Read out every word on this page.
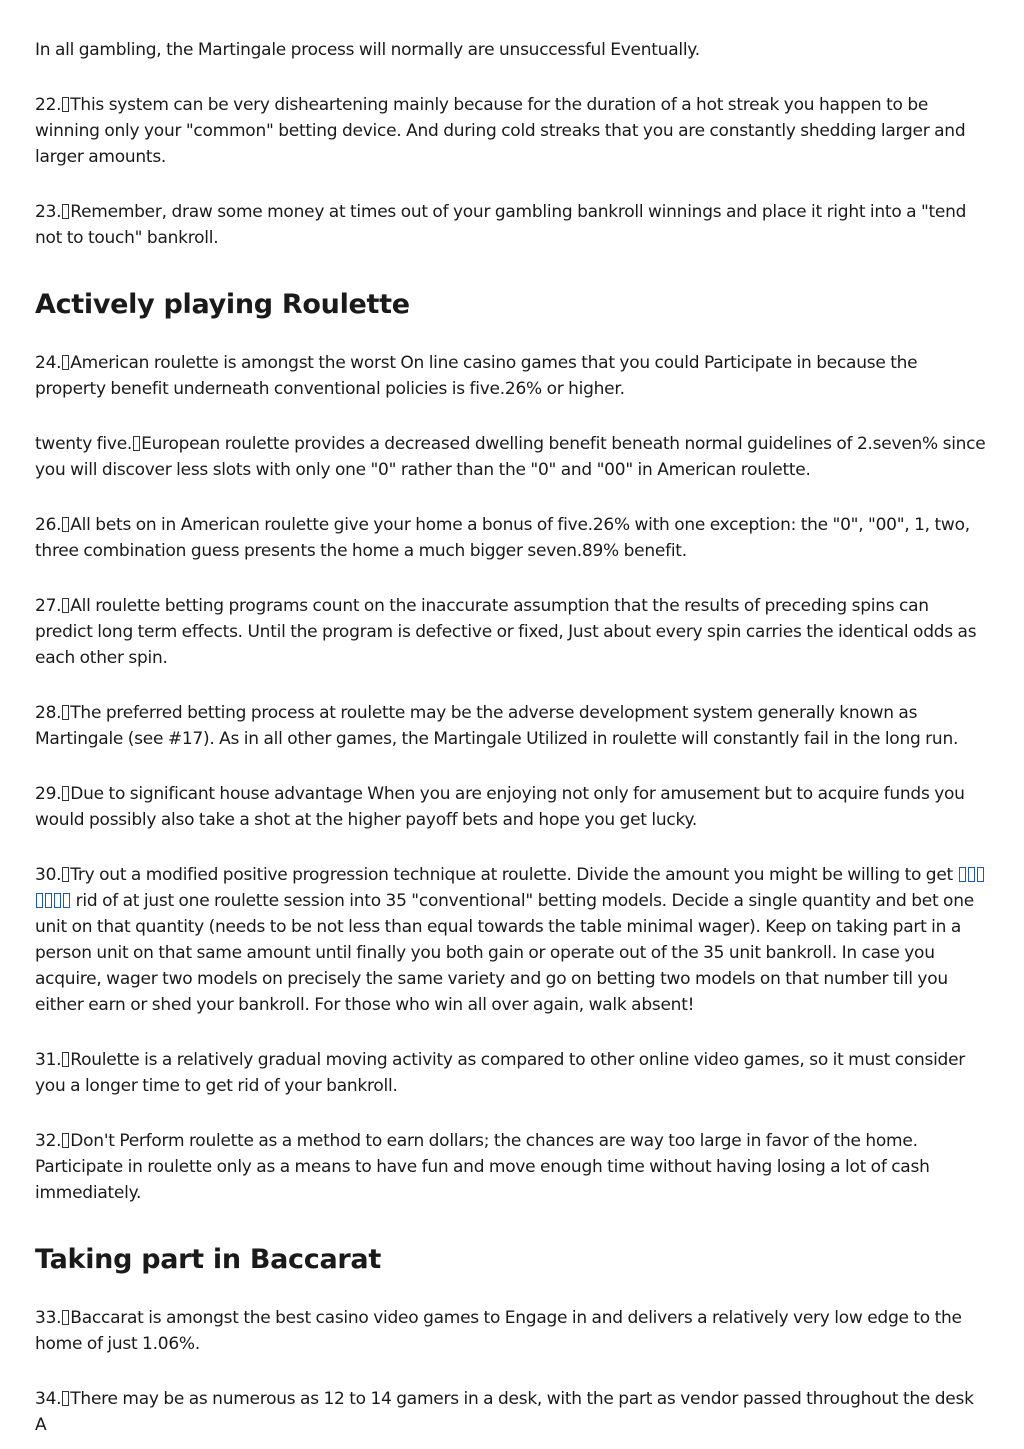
In all gambling, the Martingale process will normally are unsuccessful Eventually.

22. This system can be very disheartening mainly because for the duration of a hot streak you happen to be winning only your "common" betting device. And during cold streaks that you are constantly shedding larger and larger amounts.

23. Remember, draw some money at times out of your gambling bankroll winnings and place it right into a "tend not to touch" bankroll.

Actively playing Roulette

24. American roulette is amongst the worst On line casino games that you could Participate in because the property benefit underneath conventional policies is five.26% or higher.

twenty five. European roulette provides a decreased dwelling benefit beneath normal guidelines of 2.seven% since you will discover less slots with only one "0" rather than the "0" and "00" in American roulette.

26. All bets on in American roulette give your home a bonus of five.26% with one exception: the "0", "00", 1, two, three combination guess presents the home a much bigger seven.89% benefit.

27. All roulette betting programs count on the inaccurate assumption that the results of preceding spins can predict long term effects. Until the program is defective or fixed, Just about every spin carries the identical odds as each other spin.

28. The preferred betting process at roulette may be the adverse development system generally known as Martingale (see #17). As in all other games, the Martingale Utilized in roulette will constantly fail in the long run.

29. Due to significant house advantage When you are enjoying not only for amusement but to acquire funds you would possibly also take a shot at the higher payoff bets and hope you get lucky.

30. Try out a modified positive progression technique at roulette. Divide the amount you might be willing to get  rid of at just one roulette session into 35 "conventional" betting models. Decide a single quantity and bet one unit on that quantity (needs to be not less than equal towards the table minimal wager). Keep on taking part in a person unit on that same amount until finally you both gain or operate out of the 35 unit bankroll. In case you acquire, wager two models on precisely the same variety and go on betting two models on that number till you either earn or shed your bankroll. For those who win all over again, walk absent!

31. Roulette is a relatively gradual moving activity as compared to other online video games, so it must consider you a longer time to get rid of your bankroll.

32. Don't Perform roulette as a method to earn dollars; the chances are way too large in favor of the home. Participate in roulette only as a means to have fun and move enough time without having losing a lot of cash immediately.

Taking part in Baccarat

33. Baccarat is amongst the best casino video games to Engage in and delivers a relatively very low edge to the home of just 1.06%.

34. There may be as numerous as 12 to 14 gamers in a desk, with the part as vendor passed throughout the desk A
